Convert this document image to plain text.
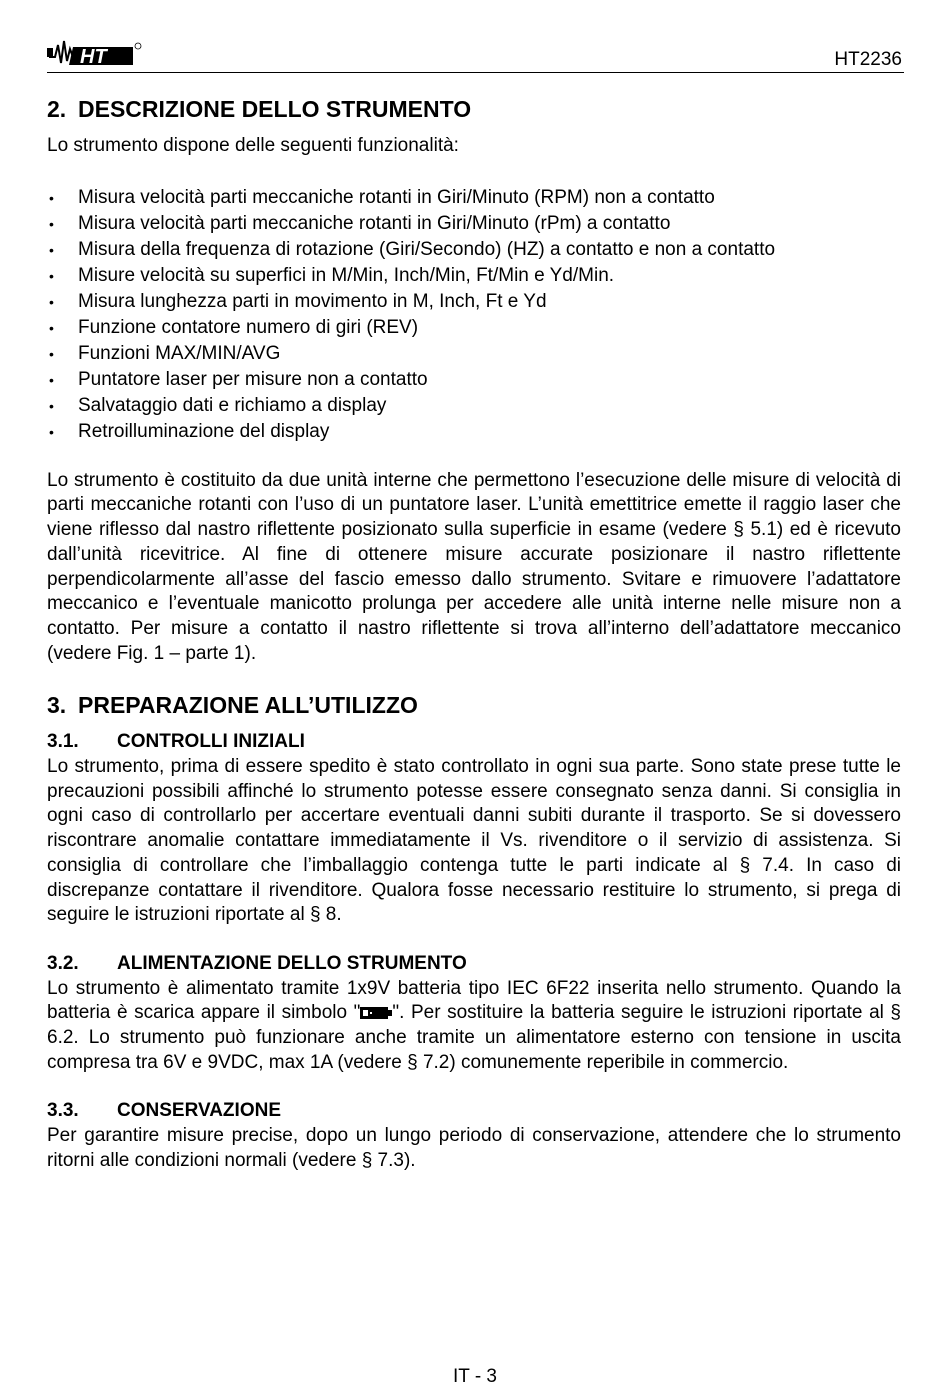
HT	HT2236
2. DESCRIZIONE DELLO STRUMENTO

Lo strumento dispone delle seguenti funzionalità:

• Misura velocità parti meccaniche rotanti in Giri/Minuto (RPM) non a contatto
• Misura velocità parti meccaniche rotanti in Giri/Minuto (rPm) a contatto
• Misura della frequenza di rotazione (Giri/Secondo) (HZ) a contatto e non a contatto
• Misure velocità su superfici in M/Min, Inch/Min, Ft/Min e Yd/Min.
• Misura lunghezza parti in movimento in M, Inch, Ft e Yd
• Funzione contatore numero di giri (REV)
• Funzioni MAX/MIN/AVG
• Puntatore laser per misure non a contatto
• Salvataggio dati e richiamo a display
• Retroilluminazione del display

Lo strumento è costituito da due unità interne che permettono l’esecuzione delle misure di velocità di parti meccaniche rotanti con l’uso di un puntatore laser. L’unità emettitrice emette il raggio laser che viene riflesso dal nastro riflettente posizionato sulla superficie in esame (vedere § 5.1) ed è ricevuto dall’unità ricevitrice. Al fine di ottenere misure accurate posizionare il nastro riflettente perpendicolarmente all’asse del fascio emesso dallo strumento. Svitare e rimuovere l’adattatore meccanico e l’eventuale manicotto prolunga per accedere alle unità interne nelle misure non a contatto. Per misure a contatto il nastro riflettente si trova all’interno dell’adattatore meccanico (vedere Fig. 1 – parte 1).

3. PREPARAZIONE ALL’UTILIZZO
3.1. CONTROLLI INIZIALI

Lo strumento, prima di essere spedito è stato controllato in ogni sua parte. Sono state prese tutte le precauzioni possibili affinché lo strumento potesse essere consegnato senza danni. Si consiglia in ogni caso di controllarlo per accertare eventuali danni subiti durante il trasporto. Se si dovessero riscontrare anomalie contattare immediatamente il Vs. rivenditore o il servizio di assistenza. Si consiglia di controllare che l’imballaggio contenga tutte le parti indicate al § 7.4. In caso di discrepanze contattare il rivenditore. Qualora fosse necessario restituire lo strumento, si prega di seguire le istruzioni riportate al § 8.

3.2. ALIMENTAZIONE DELLO STRUMENTO

Lo strumento è alimentato tramite 1x9V batteria tipo IEC 6F22 inserita nello strumento. Quando la batteria è scarica appare il simbolo " ". Per sostituire la batteria seguire le istruzioni riportate al § 6.2. Lo strumento può funzionare anche tramite un alimentatore esterno con tensione in uscita compresa tra 6V e 9VDC, max 1A (vedere § 7.2) comunemente reperibile in commercio.

3.3. CONSERVAZIONE

Per garantire misure precise, dopo un lungo periodo di conservazione, attendere che lo strumento ritorni alle condizioni normali (vedere § 7.3).

IT - 3
